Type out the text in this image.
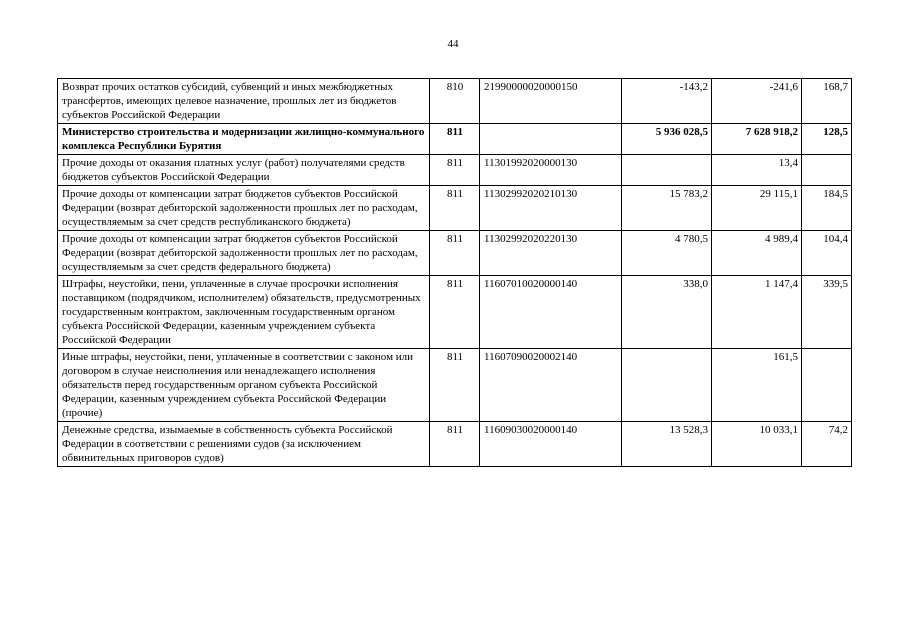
44
Возврат прочих остатков субсидий, субвенций и иных межбюджетных трансфертов, имеющих целевое назначение, прошлых лет из бюджетов субъектов Российской Федерации	810	21990000020000150	-143,2	-241,6	168,7
Министерство строительства и модернизации жилищно-коммунального комплекса Республики Бурятия	811		5 936 028,5	7 628 918,2	128,5
Прочие доходы от оказания платных услуг (работ) получателями средств бюджетов субъектов Российской Федерации	811	11301992020000130		13,4	
Прочие доходы от компенсации затрат бюджетов субъектов Российской Федерации (возврат дебиторской задолженности прошлых лет по расходам, осуществляемым за счет средств республиканского бюджета)	811	11302992020210130	15 783,2	29 115,1	184,5
Прочие доходы от компенсации затрат бюджетов субъектов Российской Федерации (возврат дебиторской задолженности прошлых лет по расходам, осуществляемым за счет средств федерального бюджета)	811	11302992020220130	4 780,5	4 989,4	104,4
Штрафы, неустойки, пени, уплаченные в случае просрочки исполнения поставщиком (подрядчиком, исполнителем) обязательств, предусмотренных государственным контрактом, заключенным государственным органом субъекта Российской Федерации, казенным учреждением субъекта Российской Федерации	811	11607010020000140	338,0	1 147,4	339,5
Иные штрафы, неустойки, пени, уплаченные в соответствии с законом или договором в случае неисполнения или ненадлежащего исполнения обязательств перед государственным органом субъекта Российской Федерации, казенным учреждением субъекта Российской Федерации (прочие)	811	11607090020002140		161,5	
Денежные средства, изымаемые в собственность субъекта Российской Федерации в соответствии с решениями судов (за исключением обвинительных приговоров судов)	811	11609030020000140	13 528,3	10 033,1	74,2
